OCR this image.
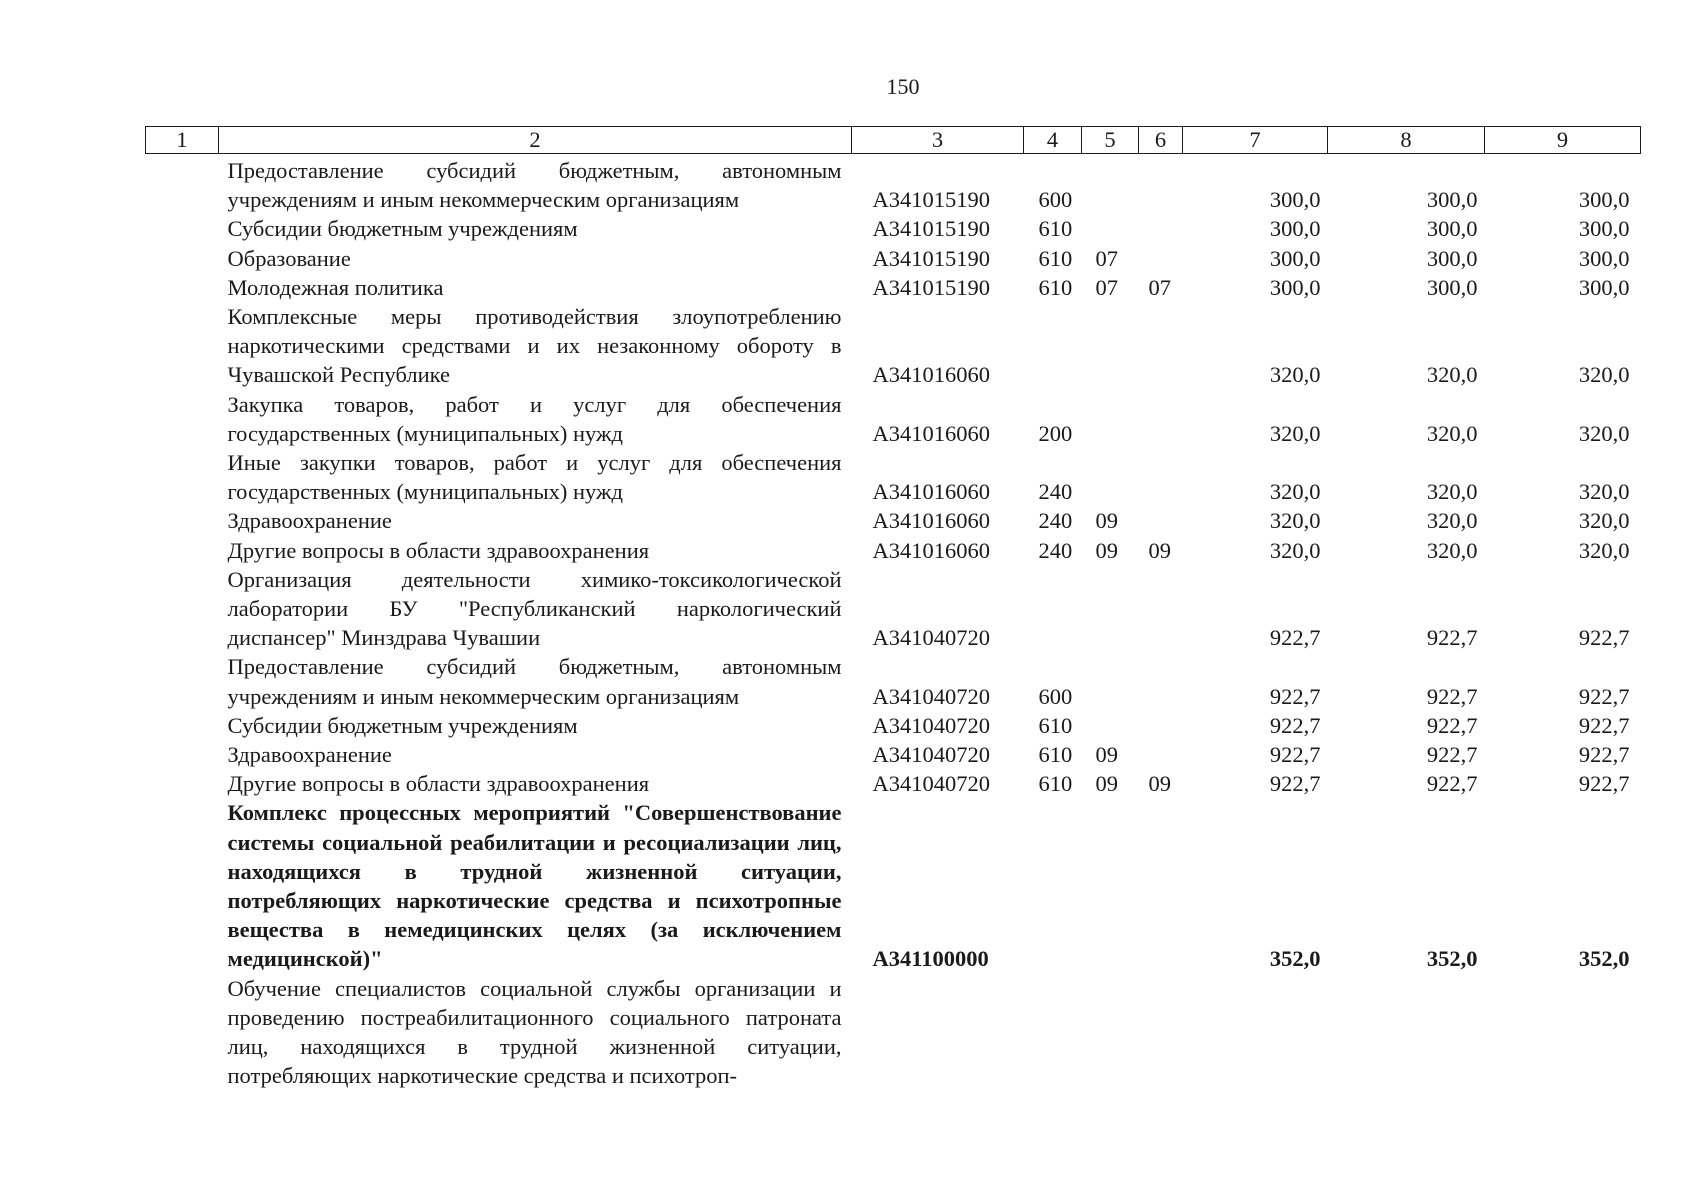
150
1	2	3	4	5	6	7	8	9
	Предоставление субсидий бюджетным, автономным учреждениям и иным некоммерческим организациям	А341015190	600			300,0	300,0	300,0
	Субсидии бюджетным учреждениям	А341015190	610			300,0	300,0	300,0
	Образование	А341015190	610	07		300,0	300,0	300,0
	Молодежная политика	А341015190	610	07	07	300,0	300,0	300,0
	Комплексные меры противодействия злоупотреблению наркотическими средствами и их незаконному обороту в Чувашской Республике	А341016060				320,0	320,0	320,0
	Закупка товаров, работ и услуг для обеспечения государственных (муниципальных) нужд	А341016060	200			320,0	320,0	320,0
	Иные закупки товаров, работ и услуг для обеспечения государственных (муниципальных) нужд	А341016060	240			320,0	320,0	320,0
	Здравоохранение	А341016060	240	09		320,0	320,0	320,0
	Другие вопросы в области здравоохранения	А341016060	240	09	09	320,0	320,0	320,0
	Организация деятельности химико-токсикологической лаборатории БУ "Республиканский наркологический диспансер" Минздрава Чувашии	А341040720				922,7	922,7	922,7
	Предоставление субсидий бюджетным, автономным учреждениям и иным некоммерческим организациям	А341040720	600			922,7	922,7	922,7
	Субсидии бюджетным учреждениям	А341040720	610			922,7	922,7	922,7
	Здравоохранение	А341040720	610	09		922,7	922,7	922,7
	Другие вопросы в области здравоохранения	А341040720	610	09	09	922,7	922,7	922,7
	Комплекс процессных мероприятий "Совершенствование системы социальной реабилитации и ресоциализации лиц, находящихся в трудной жизненной ситуации, потребляющих наркотические средства и психотропные вещества в немедицинских целях (за исключением медицинской)"	А341100000				352,0	352,0	352,0
	Обучение специалистов социальной службы организации и проведению постреабилитационного социального патроната лиц, находящихся в трудной жизненной ситуации, потребляющих наркотические средства и психотроп-							
